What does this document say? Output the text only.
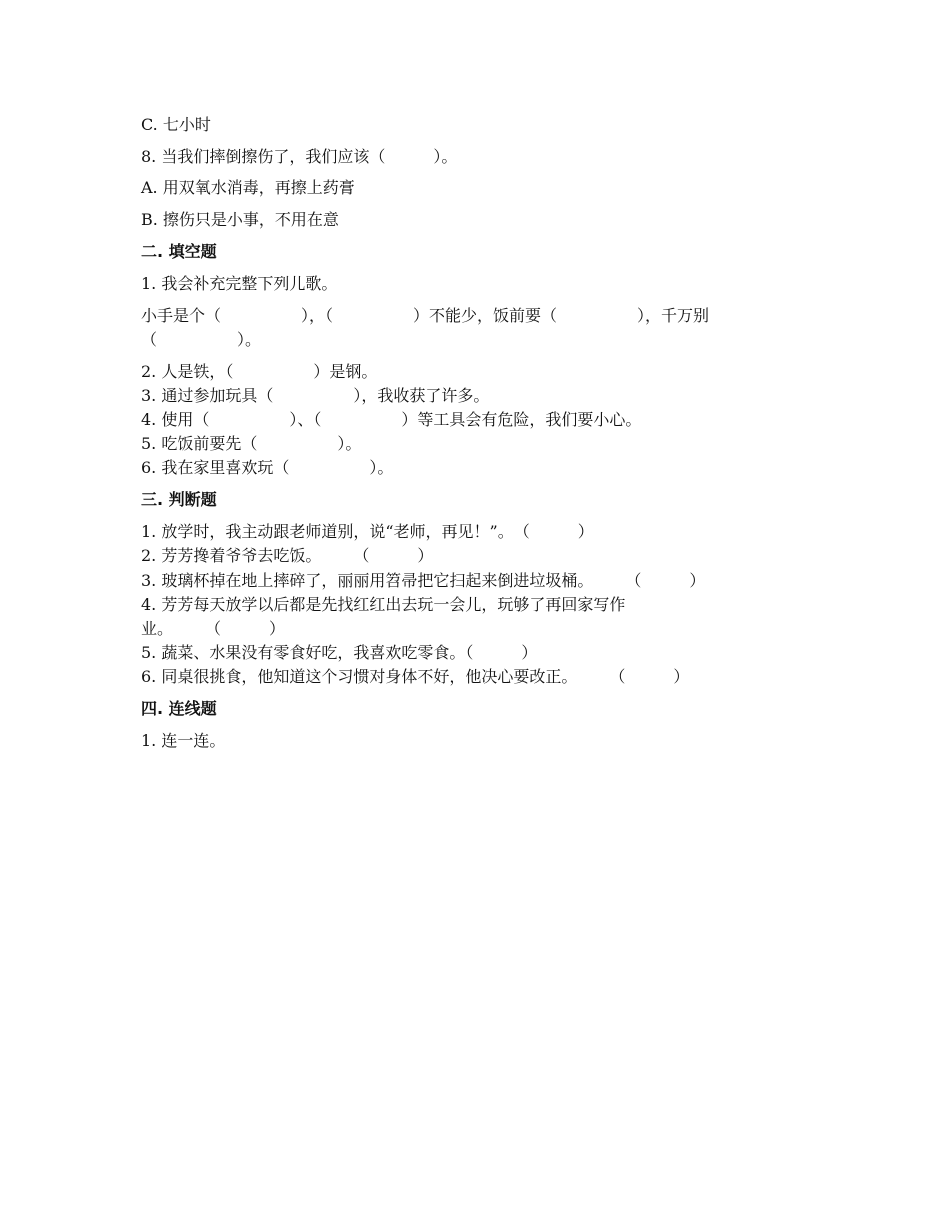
C. 七小时
8. 当我们摔倒擦伤了，我们应该（　　　）。
A. 用双氧水消毒，再擦上药膏
B. 擦伤只是小事，不用在意
二. 填空题
1. 我会补充完整下列儿歌。
小手是个（　　　　　），（　　　　　）不能少，饭前要（　　　　　），千万别
（　　　　　）。
2. 人是铁，（　　　　　）是钢。
3. 通过参加玩具（　　　　　），我收获了许多。
4. 使用（　　　　　）、（　　　　　）等工具会有危险，我们要小心。
5. 吃饭前要先（　　　　　）。
6. 我在家里喜欢玩（　　　　　）。
三. 判断题
1. 放学时，我主动跟老师道别，说“老师，再见！”。　（　　　）
2. 芳芳搀着爷爷去吃饭。　　　（　　　）
3. 玻璃杯掉在地上摔碎了，丽丽用笤帚把它扫起来倒进垃圾桶。　　　（　　　）
4. 芳芳每天放学以后都是先找红红出去玩一会儿，玩够了再回家写作
业。　　　（　　　）
5. 蔬菜、水果没有零食好吃，我喜欢吃零食。（　　　）
6. 同桌很挑食，他知道这个习惯对身体不好，他决心要改正。　　　（　　　）
四. 连线题
1. 连一连。
